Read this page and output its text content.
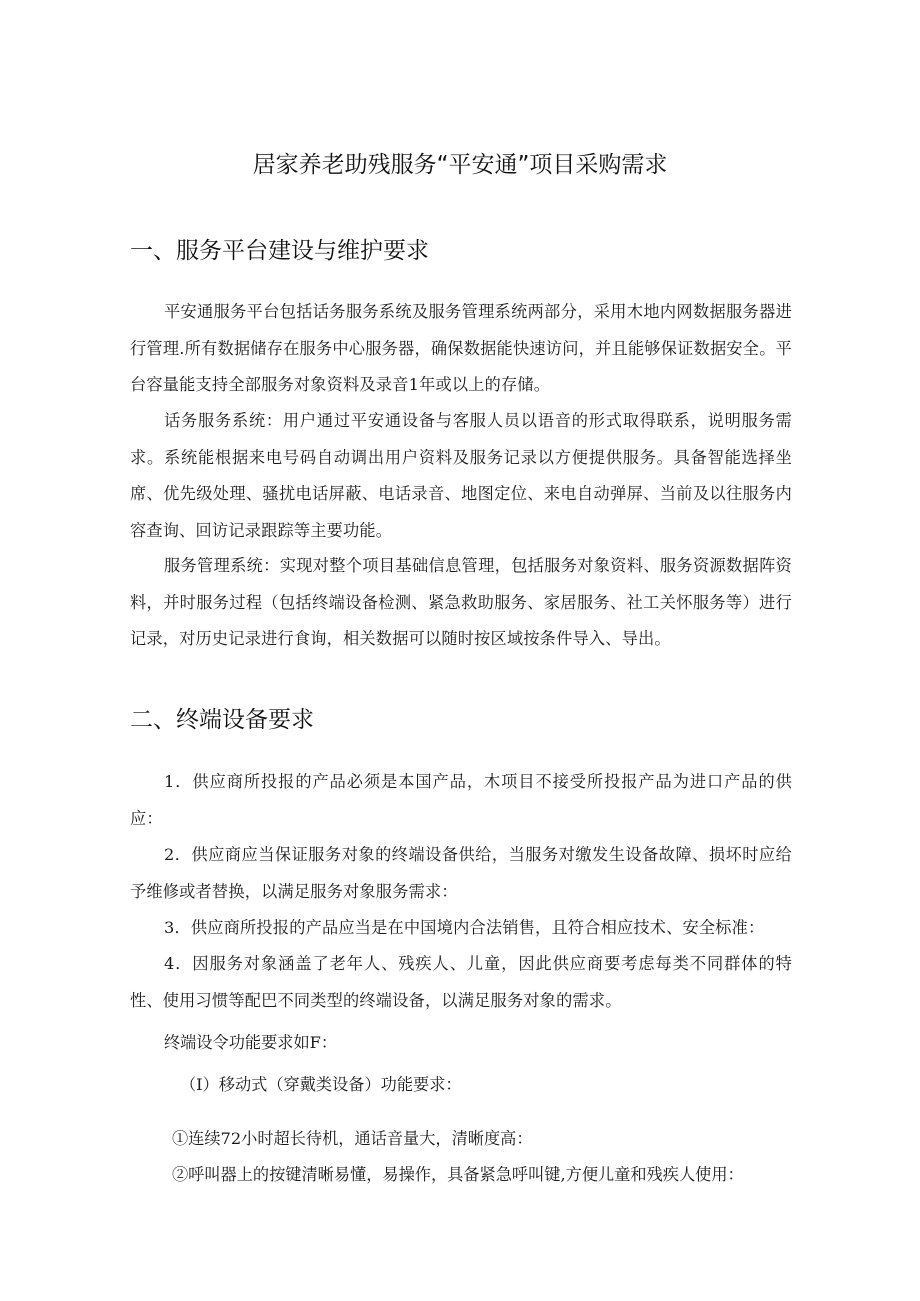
居家养老助残服务“平安通”项目采购需求
一、服务平台建设与维护要求
平安通服务平台包括话务服务系统及服务管理系统两部分，采用木地内网数据服务器进行管理.所有数据储存在服务中心服务器，确保数据能快速访问，并且能够保证数据安全。平台容量能支持全部服务对象资料及录音1年或以上的存储。
话务服务系统：用户通过平安通设备与客服人员以语音的形式取得联系，说明服务需求。系统能根据来电号码自动调出用户资料及服务记录以方便提供服务。具备智能选择坐席、优先级处理、骚扰电话屏蔽、电话录音、地图定位、来电自动弹屏、当前及以往服务内容查询、回访记录跟踪等主要功能。
服务管理系统：实现对整个项目基础信息管理，包括服务对象资料、服务资源数据阵资料，并时服务过程（包括终端设备检测、紧急救助服务、家居服务、社工关怀服务等）进行记录，对历史记录进行食询，相关数据可以随时按区域按条件导入、导出。
二、终端设备要求
1．供应商所投报的产品必须是本国产品，木项目不接受所投报产品为进口产品的供应：
2．供应商应当保证服务对象的终端设备供给，当服务对缴发生设备故障、损坏时应给予维修或者替换，以满足服务对象服务需求：
3．供应商所投报的产品应当是在中国境内合法销售，且符合相应技术、安全标准：
4．因服务对象涵盖了老年人、残疾人、儿童，因此供应商要考虑每类不同群体的特性、使用习惯等配巴不同类型的终端设备，以满足服务对象的需求。
终端设令功能要求如F：
（I）移动式（穿戴类设备）功能要求：
①连续72小时超长待机，通话音量大，清晰度高：
②呼叫器上的按键清晰易懂，易操作，具备紧急呼叫键,方便儿童和残疾人使用：
